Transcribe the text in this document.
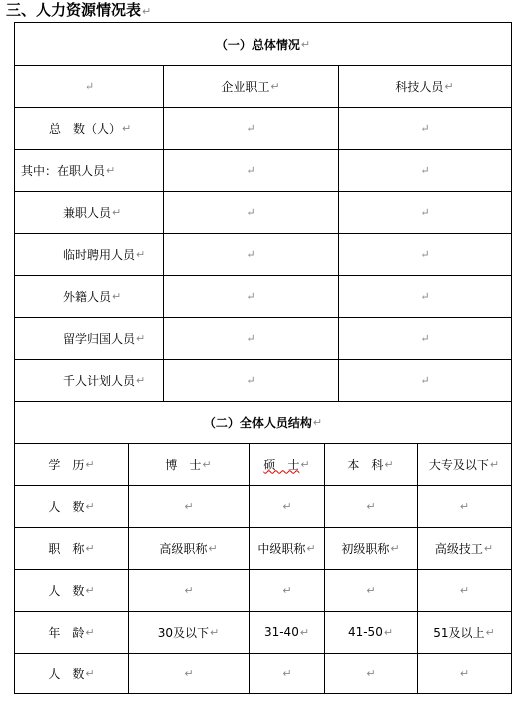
三、人力资源情况表↵
（一）总体情况 ↵
↵	企业职工 ↵	科技人员 ↵
总　数（人） ↵	↵	↵
其中：在职人员 ↵	↵	↵
兼职人员 ↵	↵	↵
临时聘用人员 ↵	↵	↵
外籍人员 ↵	↵	↵
留学归国人员 ↵	↵	↵
千人计划人员 ↵	↵	↵
（二）全体人员结构 ↵
学　历 ↵	博　士 ↵	硕　士 ↵	本　科 ↵	大专及以下 ↵
人　数 ↵	↵	↵	↵	↵
职　称 ↵	高级职称 ↵	中级职称 ↵ 初级职称 ↵	高级技工 ↵
人　数 ↵	↵	↵	↵	↵
年　龄 ↵	30及以下 ↵	31-40 ↵	41-50 ↵	51及以上 ↵
人　数 ↵	↵	↵	↵	↵
